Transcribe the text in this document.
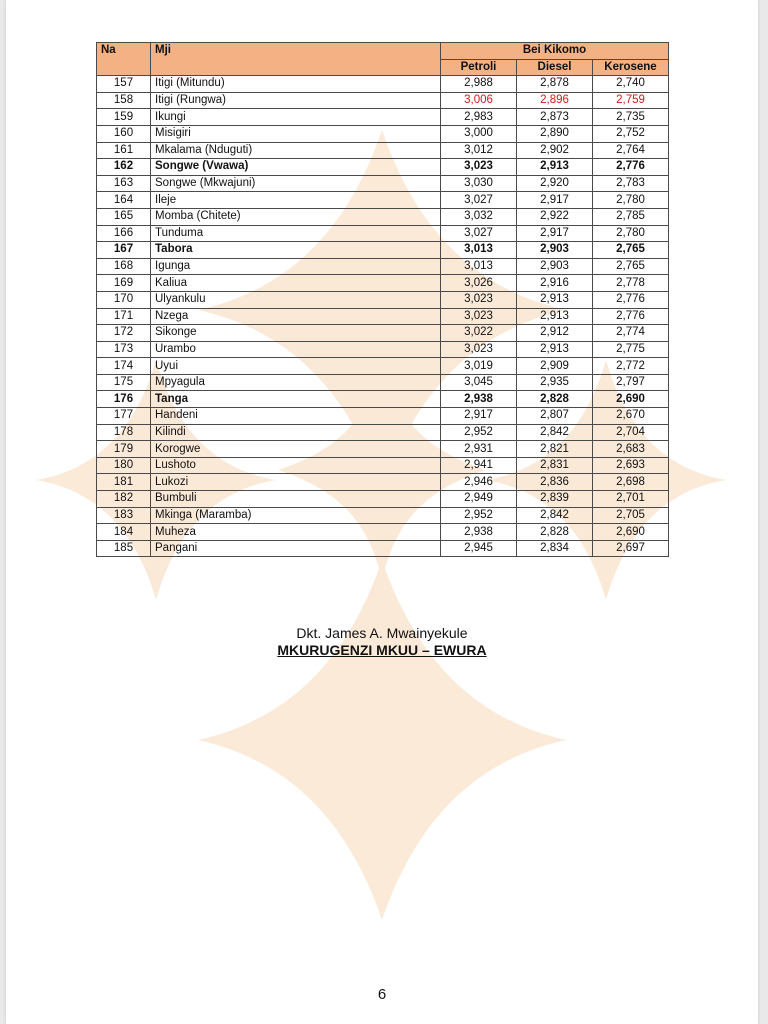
Na	Mji	Bei Kikomo		
		Petroli	Diesel	Kerosene
157	Itigi (Mitundu)	2,988	2,878	2,740
158	Itigi (Rungwa)	3,006	2,896	2,759
159	Ikungi	2,983	2,873	2,735
160	Misigiri	3,000	2,890	2,752
161	Mkalama (Nduguti)	3,012	2,902	2,764
162	Songwe (Vwawa)	3,023	2,913	2,776
163	Songwe (Mkwajuni)	3,030	2,920	2,783
164	Ileje	3,027	2,917	2,780
165	Momba (Chitete)	3,032	2,922	2,785
166	Tunduma	3,027	2,917	2,780
167	Tabora	3,013	2,903	2,765
168	Igunga	3,013	2,903	2,765
169	Kaliua	3,026	2,916	2,778
170	Ulyankulu	3,023	2,913	2,776
171	Nzega	3,023	2,913	2,776
172	Sikonge	3,022	2,912	2,774
173	Urambo	3,023	2,913	2,775
174	Uyui	3,019	2,909	2,772
175	Mpyagula	3,045	2,935	2,797
176	Tanga	2,938	2,828	2,690
177	Handeni	2,917	2,807	2,670
178	Kilindi	2,952	2,842	2,704
179	Korogwe	2,931	2,821	2,683
180	Lushoto	2,941	2,831	2,693
181	Lukozi	2,946	2,836	2,698
182	Bumbuli	2,949	2,839	2,701
183	Mkinga (Maramba)	2,952	2,842	2,705
184	Muheza	2,938	2,828	2,690
185	Pangani	2,945	2,834	2,697
Dkt. James A. Mwainyekule
MKURUGENZI MKUU – EWURA
6
